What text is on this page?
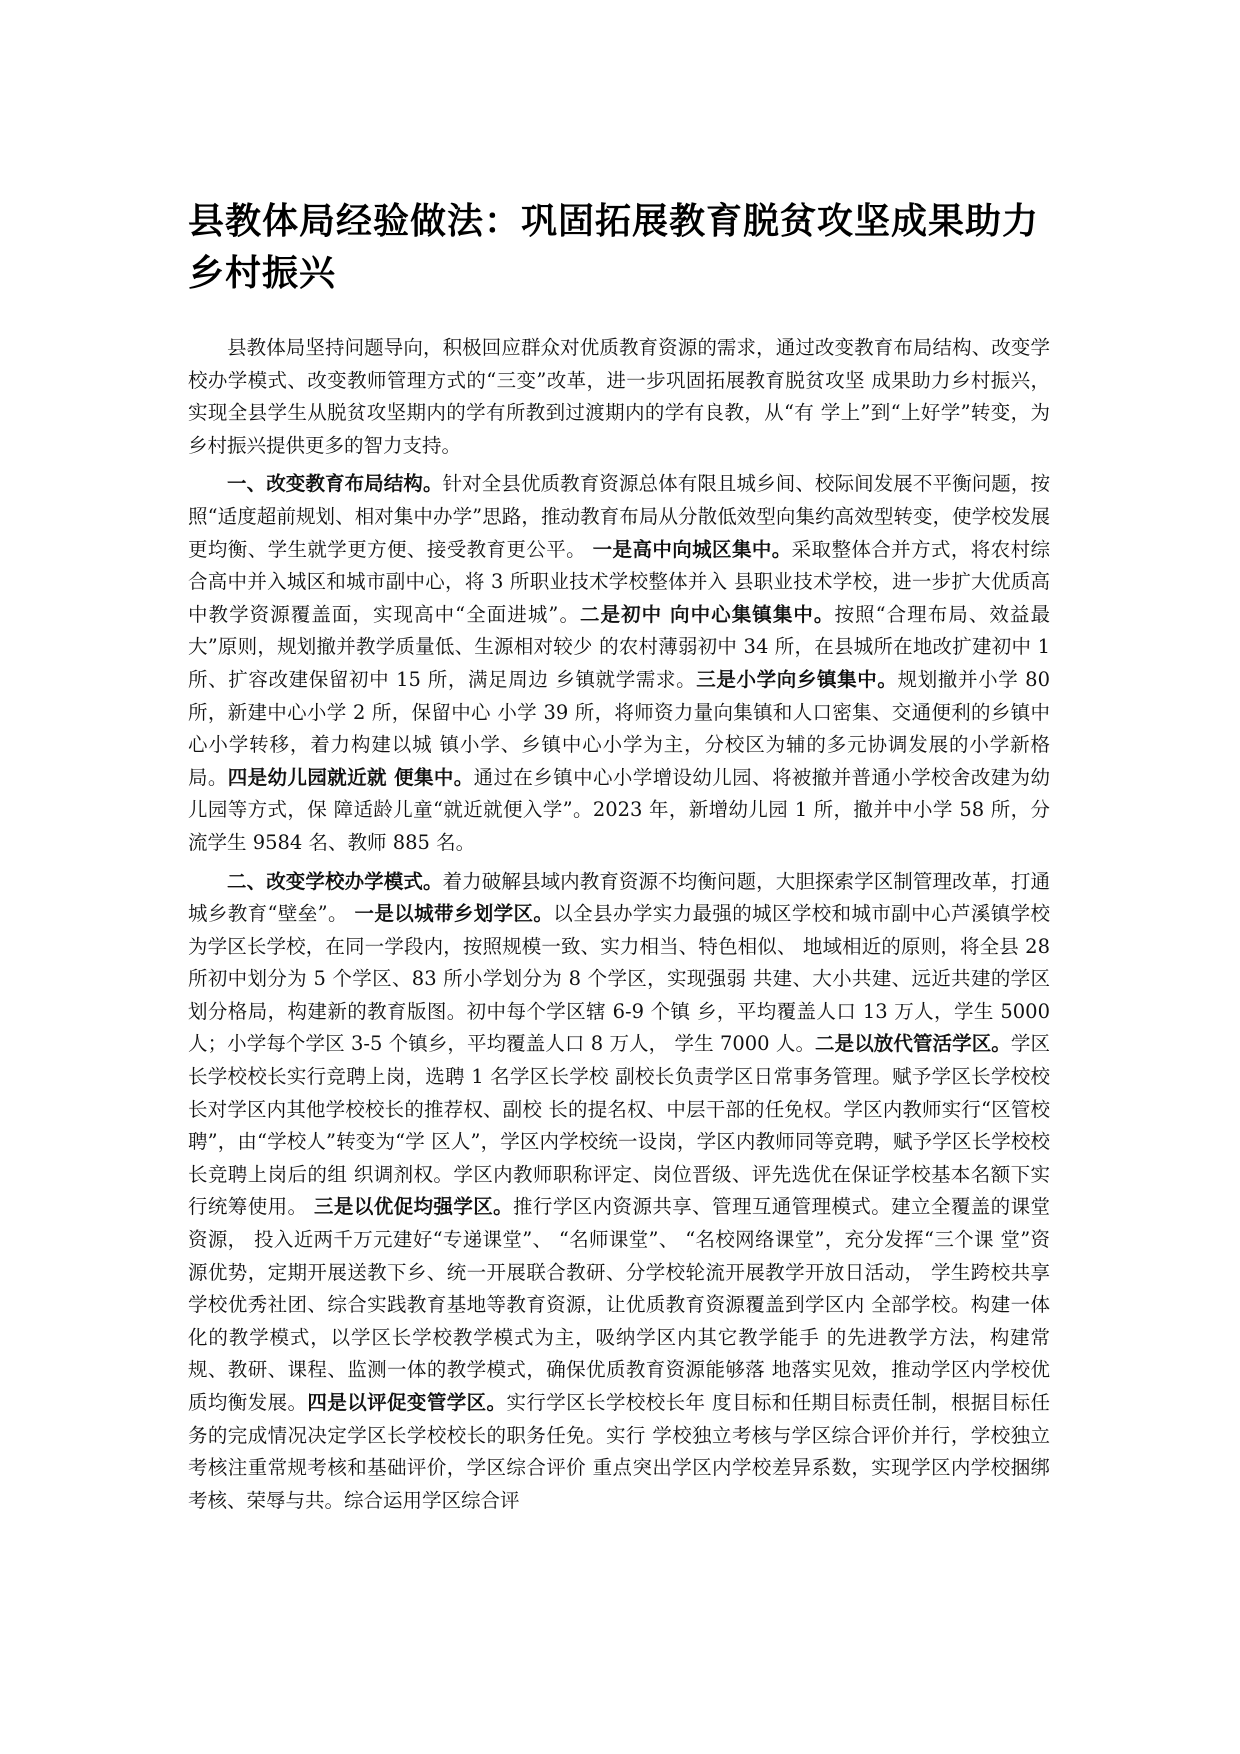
县教体局经验做法：巩固拓展教育脱贫攻坚成果助力乡村振兴

县教体局坚持问题导向，积极回应群众对优质教育资源的需求，通过改变教育布局结构、改变学校办学模式、改变教师管理方式的“三变”改革，进一步巩固拓展教育脱贫攻坚 成果助力乡村振兴，实现全县学生从脱贫攻坚期内的学有所教到过渡期内的学有良教，从“有 学上”到“上好学”转变，为乡村振兴提供更多的智力支持。

一、改变教育布局结构。针对全县优质教育资源总体有限且城乡间、校际间发展不平衡问题，按照“适度超前规划、相对集中办学”思路，推动教育布局从分散低效型向集约高效型转变，使学校发展更均衡、学生就学更方便、接受教育更公平。 一是高中向城区集中。采取整体合并方式，将农村综合高中并入城区和城市副中心，将 3 所职业技术学校整体并入 县职业技术学校，进一步扩大优质高中教学资源覆盖面，实现高中“全面进城”。二是初中 向中心集镇集中。按照“合理布局、效益最大”原则，规划撤并教学质量低、生源相对较少 的农村薄弱初中 34 所，在县城所在地改扩建初中 1 所、扩容改建保留初中 15 所，满足周边 乡镇就学需求。三是小学向乡镇集中。规划撤并小学 80 所，新建中心小学 2 所，保留中心 小学 39 所，将师资力量向集镇和人口密集、交通便利的乡镇中心小学转移，着力构建以城 镇小学、乡镇中心小学为主，分校区为辅的多元协调发展的小学新格局。四是幼儿园就近就 便集中。通过在乡镇中心小学增设幼儿园、将被撤并普通小学校舍改建为幼儿园等方式，保 障适龄儿童“就近就便入学”。2023 年，新增幼儿园 1 所，撤并中小学 58 所，分流学生 9584 名、教师 885 名。

二、改变学校办学模式。着力破解县域内教育资源不均衡问题，大胆探索学区制管理改革，打通城乡教育“壁垒”。 一是以城带乡划学区。以全县办学实力最强的城区学校和城市副中心芦溪镇学校为学区长学校，在同一学段内，按照规模一致、实力相当、特色相似、 地域相近的原则，将全县 28 所初中划分为 5 个学区、83 所小学划分为 8 个学区，实现强弱 共建、大小共建、远近共建的学区划分格局，构建新的教育版图。初中每个学区辖 6-9 个镇 乡，平均覆盖人口 13 万人，学生 5000 人；小学每个学区 3-5 个镇乡，平均覆盖人口 8 万人， 学生 7000 人。二是以放代管活学区。学区长学校校长实行竞聘上岗，选聘 1 名学区长学校 副校长负责学区日常事务管理。赋予学区长学校校长对学区内其他学校校长的推荐权、副校 长的提名权、中层干部的任免权。学区内教师实行“区管校聘”，由“学校人”转变为“学 区人”，学区内学校统一设岗，学区内教师同等竞聘，赋予学区长学校校长竞聘上岗后的组 织调剂权。学区内教师职称评定、岗位晋级、评先选优在保证学校基本名额下实行统筹使用。 三是以优促均强学区。推行学区内资源共享、管理互通管理模式。建立全覆盖的课堂资源， 投入近两千万元建好“专递课堂”、 “名师课堂”、 “名校网络课堂”，充分发挥“三个课 堂”资源优势，定期开展送教下乡、统一开展联合教研、分学校轮流开展教学开放日活动， 学生跨校共享学校优秀社团、综合实践教育基地等教育资源，让优质教育资源覆盖到学区内 全部学校。构建一体化的教学模式，以学区长学校教学模式为主，吸纳学区内其它教学能手 的先进教学方法，构建常规、教研、课程、监测一体的教学模式，确保优质教育资源能够落 地落实见效，推动学区内学校优质均衡发展。四是以评促变管学区。实行学区长学校校长年 度目标和任期目标责任制，根据目标任务的完成情况决定学区长学校校长的职务任免。实行 学校独立考核与学区综合评价并行，学校独立考核注重常规考核和基础评价，学区综合评价 重点突出学区内学校差异系数，实现学区内学校捆绑考核、荣辱与共。综合运用学区综合评
